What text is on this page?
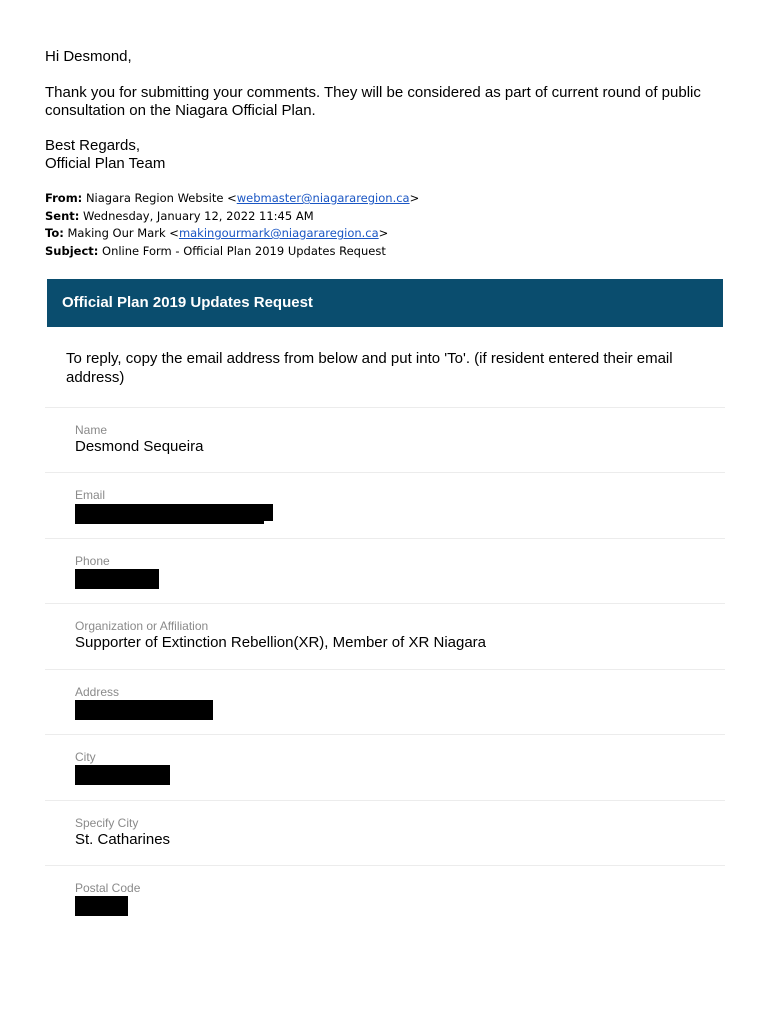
Hi Desmond,
Thank you for submitting your comments. They will be considered as part of current round of public consultation on the Niagara Official Plan.
Best Regards,
Official Plan Team
From: Niagara Region Website <webmaster@niagararegion.ca>
Sent: Wednesday, January 12, 2022 11:45 AM
To: Making Our Mark <makingourmark@niagararegion.ca>
Subject: Online Form - Official Plan 2019 Updates Request
Official Plan 2019 Updates Request
To reply, copy the email address from below and put into 'To'. (if resident entered their email address)
Name
Desmond Sequeira
Email
Phone
Organization or Affiliation
Supporter of Extinction Rebellion(XR), Member of XR Niagara
Address
City
Specify City
St. Catharines
Postal Code
